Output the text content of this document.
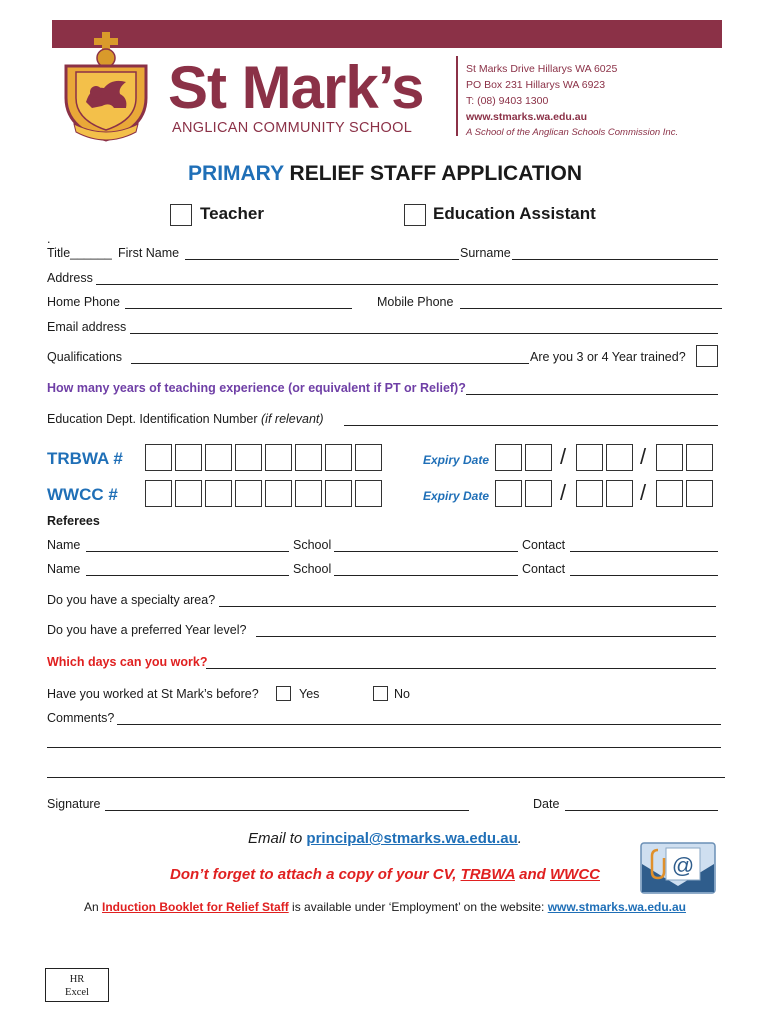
St Mark’s
ANGLICAN COMMUNITY SCHOOL
St Marks Drive Hillarys WA 6025
PO Box 231 Hillarys WA 6923
T: (08) 9403 1300
www.stmarks.wa.edu.au
A School of the Anglican Schools Commission Inc.
PRIMARY RELIEF STAFF APPLICATION
Teacher	Education Assistant
.
Title______ First Name	Surname
Address
Home Phone	Mobile Phone
Email address
Qualifications	Are you 3 or 4 Year trained?
How many years of teaching experience (or equivalent if PT or Relief)?
Education Dept. Identification Number (if relevant)
TRBWA #	Expiry Date	/	/
WWCC #	Expiry Date	/	/
Referees
Name	School	Contact
Name	School	Contact
Do you have a specialty area?
Do you have a preferred Year level?
Which days can you work?
Have you worked at St Mark’s before?	Yes	No
Comments?
Signature	Date
Email to principal@stmarks.wa.edu.au.
@
Don’t forget to attach a copy of your CV, TRBWA and WWCC
An Induction Booklet for Relief Staff is available under ‘Employment’ on the website: www.stmarks.wa.edu.au
HR
Excel
